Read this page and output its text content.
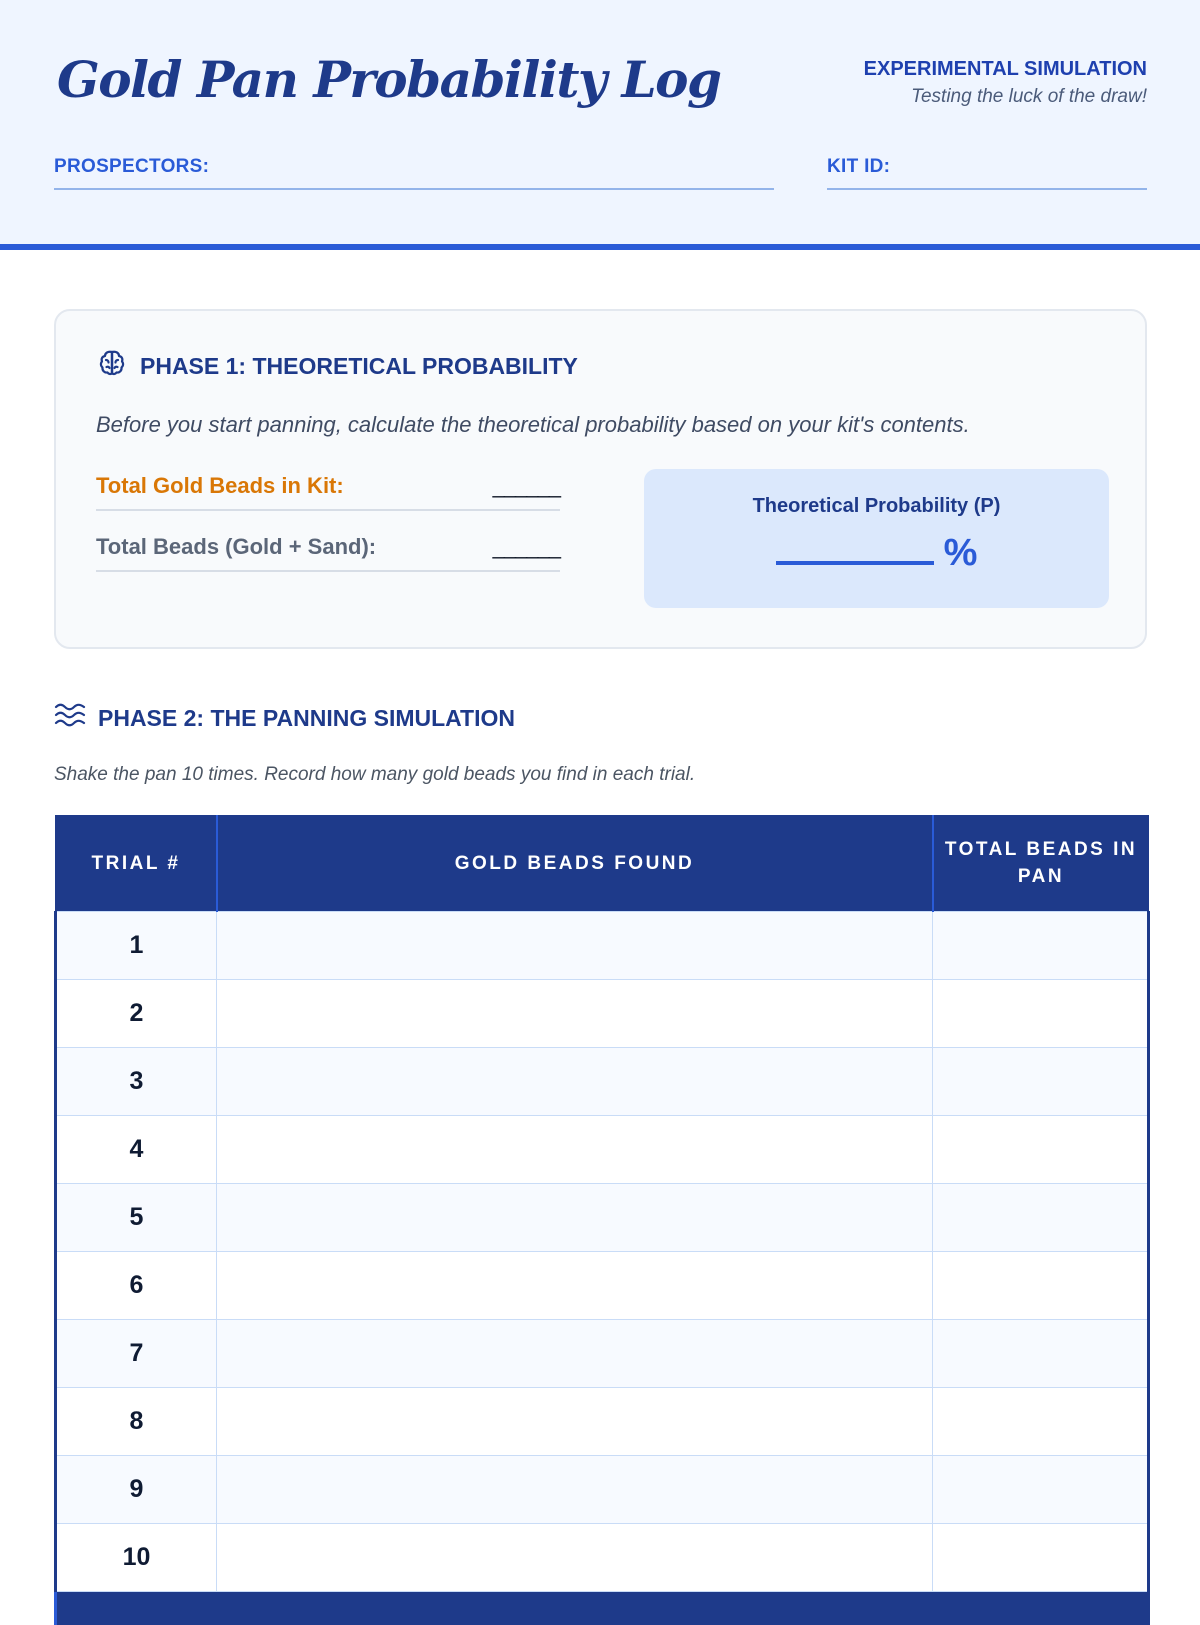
Gold Pan Probability Log	EXPERIMENTAL SIMULATION
Testing the luck of the draw!
PROSPECTORS:	KIT ID:
PHASE 1: THEORETICAL PROBABILITY
Before you start panning, calculate the theoretical probability based on your kit's contents.
Total Gold Beads in Kit:	______
Total Beads (Gold + Sand):	______
Theoretical Probability (P)
%
PHASE 2: THE PANNING SIMULATION
Shake the pan 10 times. Record how many gold beads you find in each trial.
TRIAL #	GOLD BEADS FOUND	TOTAL BEADS IN PAN
1		
2		
3		
4		
5		
6		
7		
8		
9		
10		
